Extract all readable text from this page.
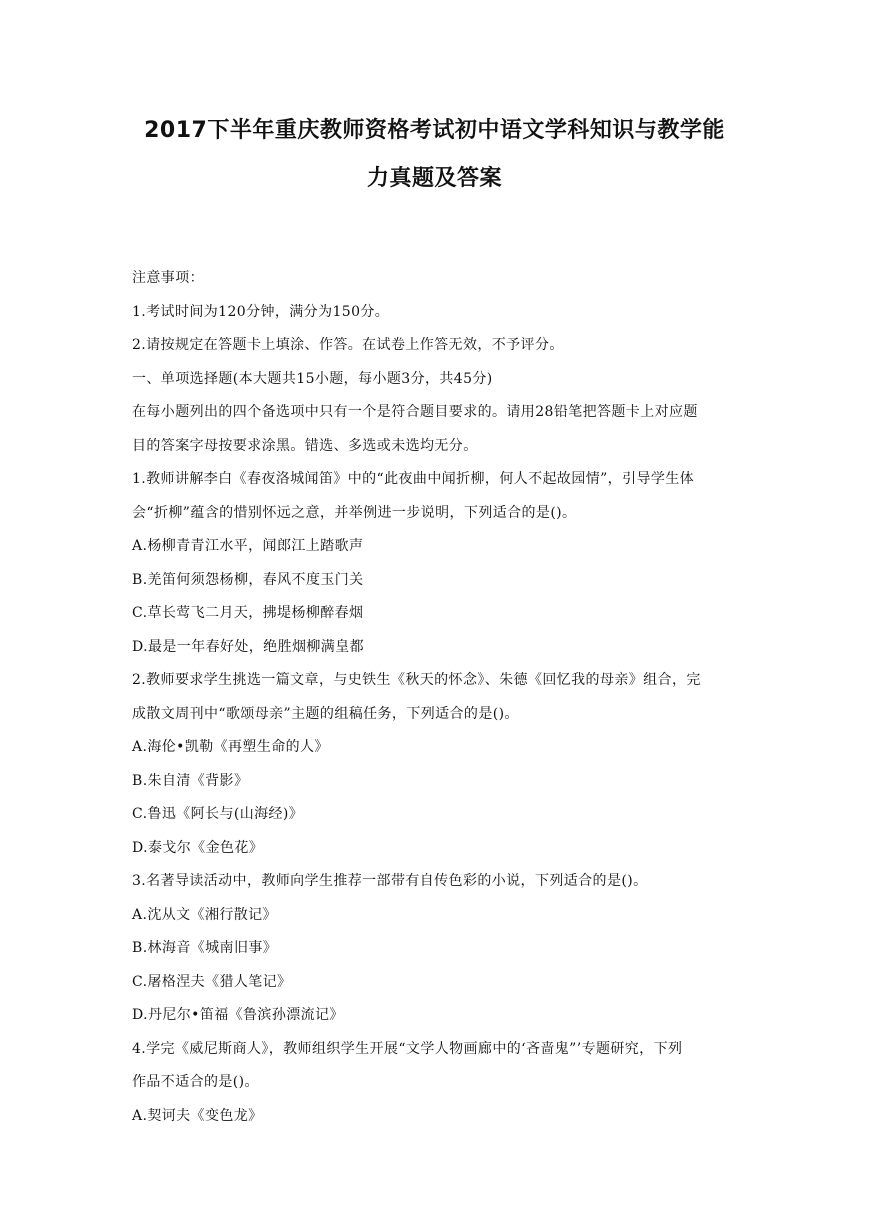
2017下半年重庆教师资格考试初中语文学科知识与教学能
力真题及答案

注意事项：

1.考试时间为120分钟，满分为150分。

2.请按规定在答题卡上填涂、作答。在试卷上作答无效，不予评分。

一、单项选择题(本大题共15小题，每小题3分，共45分)

在每小题列出的四个备选项中只有一个是符合题目要求的。请用28铅笔把答题卡上对应题

目的答案字母按要求涂黑。错选、多选或未选均无分。

1.教师讲解李白《春夜洛城闻笛》中的“此夜曲中闻折柳，何人不起故园情”，引导学生体

会“折柳”蕴含的惜别怀远之意，并举例进一步说明，下列适合的是()。

A.杨柳青青江水平，闻郎江上踏歌声

B.羌笛何须怨杨柳，春风不度玉门关

C.草长莺飞二月天，拂堤杨柳醉春烟

D.最是一年春好处，绝胜烟柳满皇都

2.教师要求学生挑选一篇文章，与史铁生《秋天的怀念》、朱德《回忆我的母亲》组合，完

成散文周刊中“歌颂母亲”主题的组稿任务，下列适合的是()。

A.海伦•凯勒《再塑生命的人》

B.朱自清《背影》

C.鲁迅《阿长与(山海经)》

D.泰戈尔《金色花》

3.名著导读活动中，教师向学生推荐一部带有自传色彩的小说，下列适合的是()。

A.沈从文《湘行散记》

B.林海音《城南旧事》

C.屠格涅夫《猎人笔记》

D.丹尼尔•笛福《鲁滨孙漂流记》

4.学完《威尼斯商人》，教师组织学生开展“文学人物画廊中的‘吝啬鬼”’专题研究，下列

作品不适合的是()。

A.契诃夫《变色龙》
